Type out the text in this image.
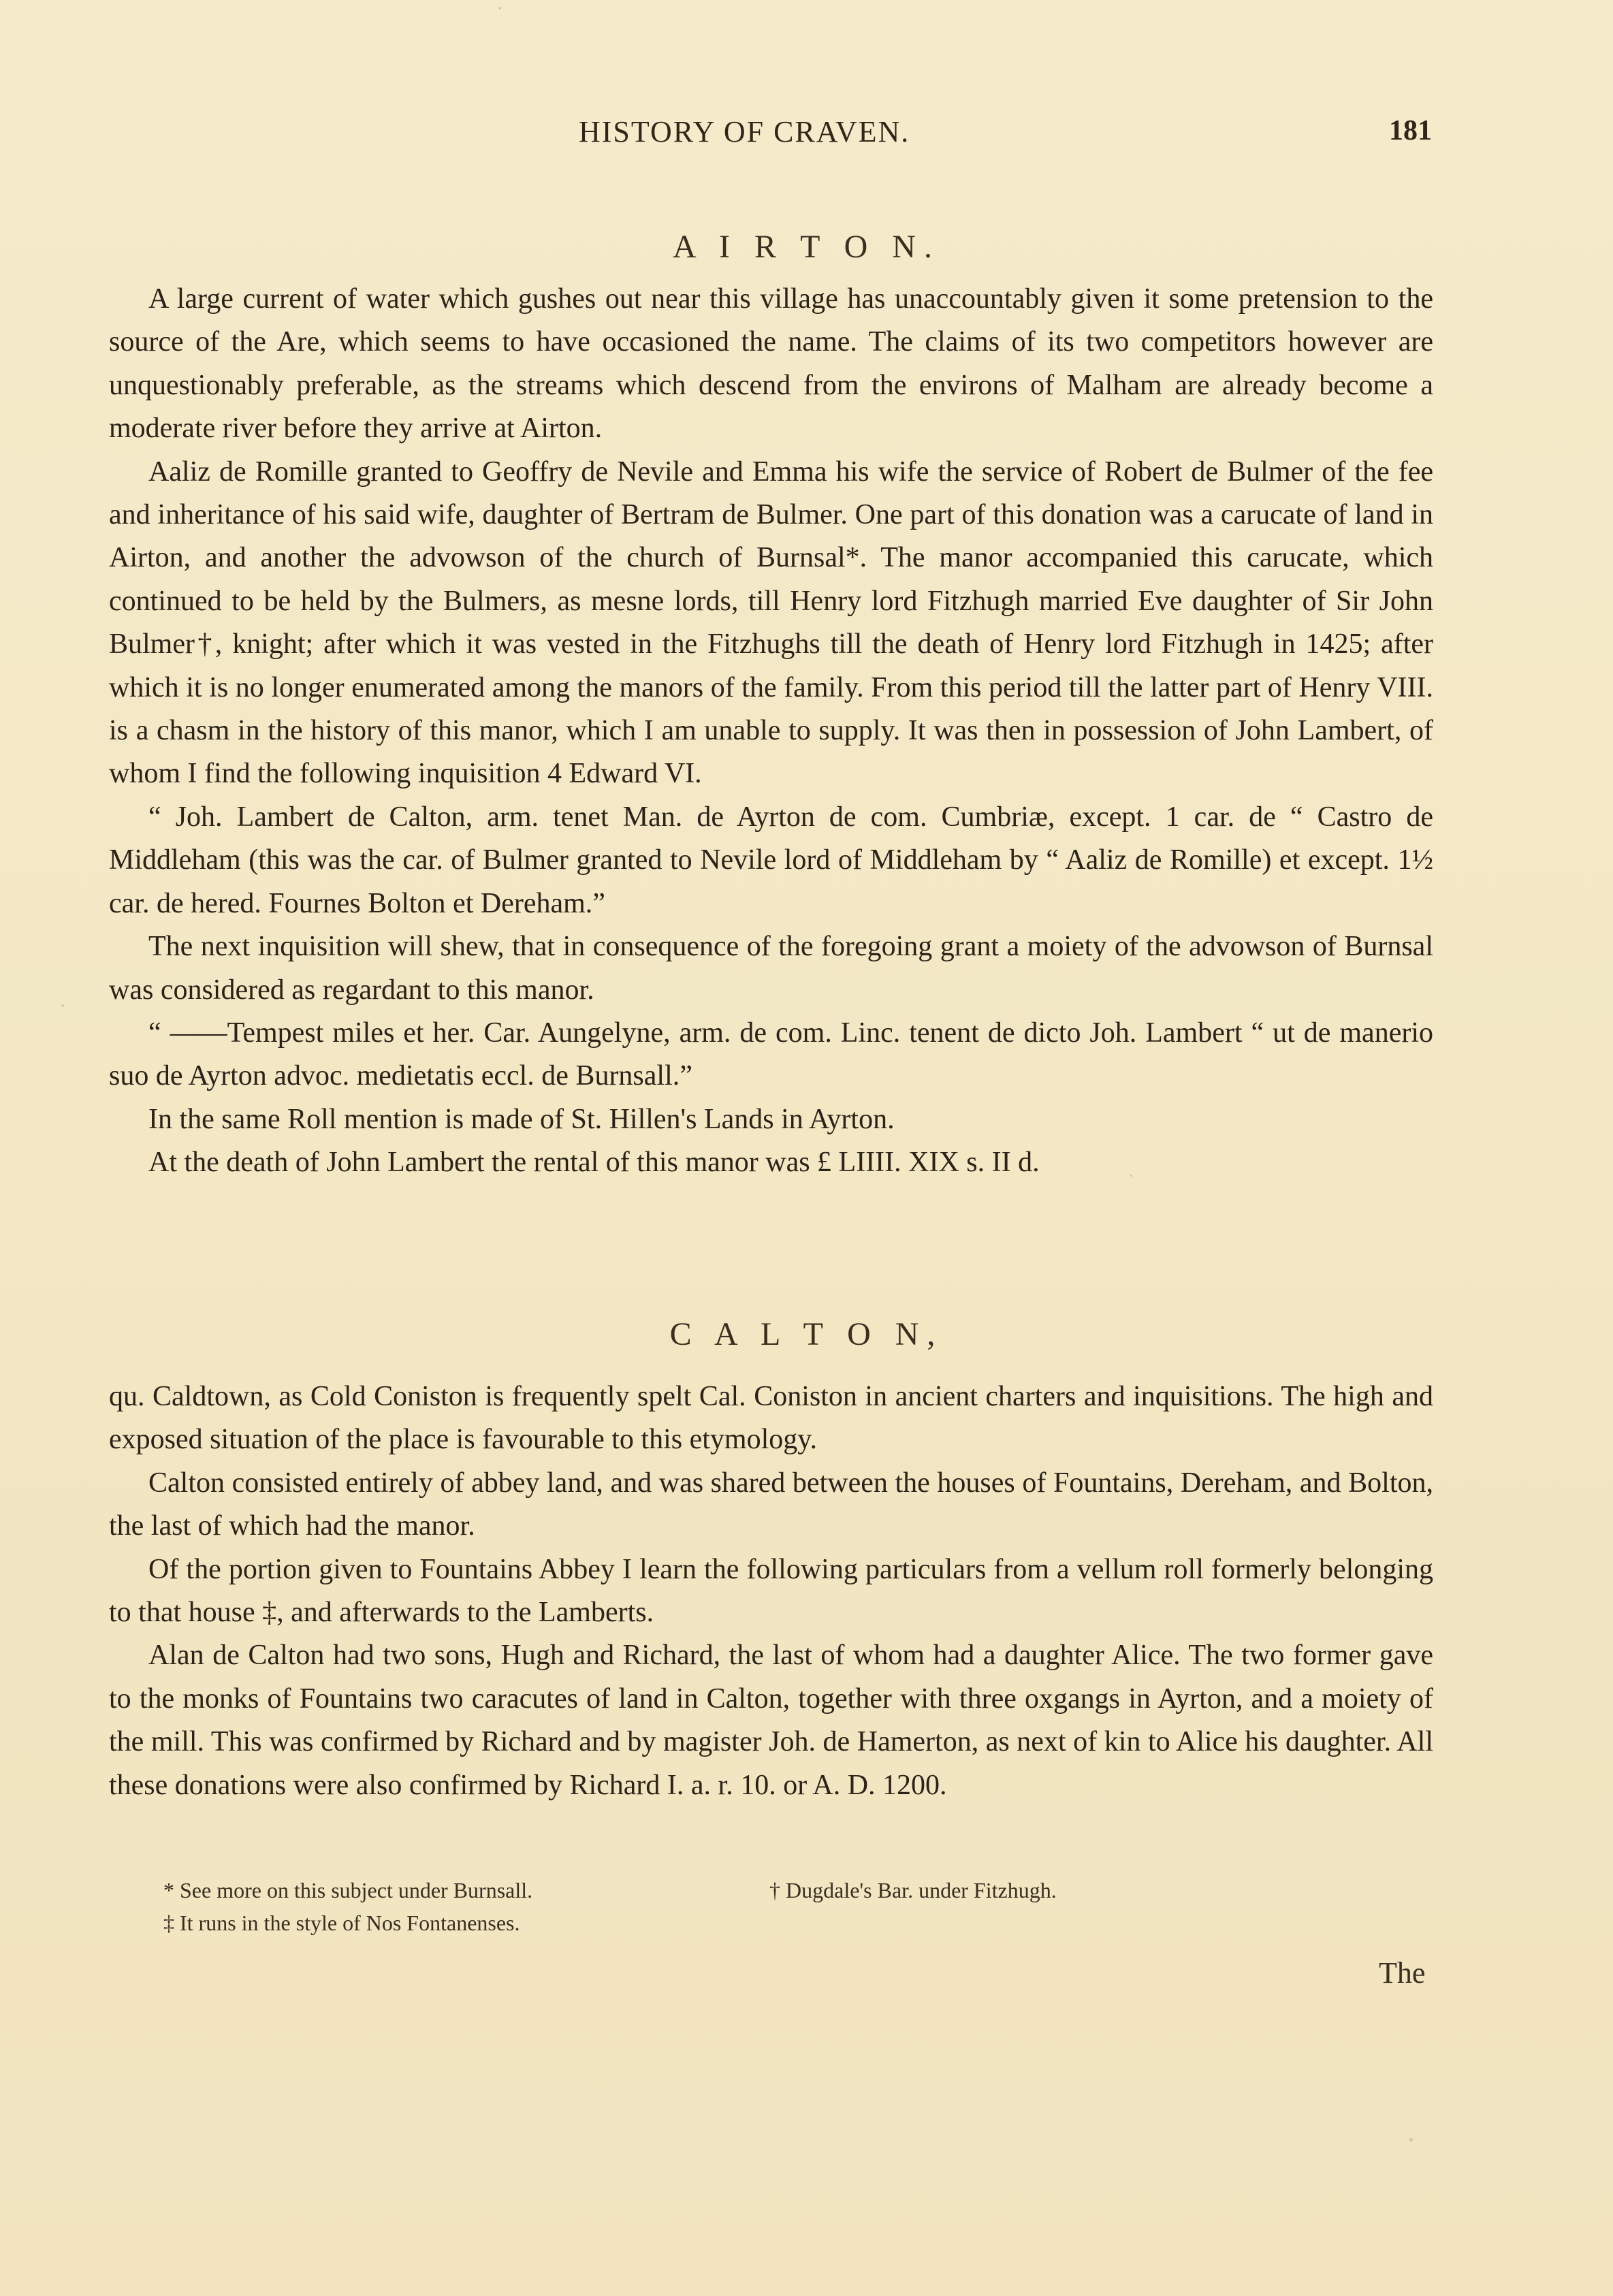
HISTORY OF CRAVEN.	181
A I R T O N.

A large current of water which gushes out near this village has unaccountably given it some pretension to the source of the Are, which seems to have occasioned the name. The claims of its two competitors however are unquestionably preferable, as the streams which descend from the environs of Malham are already become a moderate river before they arrive at Airton.

Aaliz de Romille granted to Geoffry de Nevile and Emma his wife the service of Robert de Bulmer of the fee and inheritance of his said wife, daughter of Bertram de Bulmer. One part of this donation was a carucate of land in Airton, and another the advowson of the church of Burnsal*. The manor accompanied this carucate, which continued to be held by the Bulmers, as mesne lords, till Henry lord Fitzhugh married Eve daughter of Sir John Bulmer†, knight; after which it was vested in the Fitzhughs till the death of Henry lord Fitzhugh in 1425; after which it is no longer enumerated among the manors of the family. From this period till the latter part of Henry VIII. is a chasm in the history of this manor, which I am unable to supply. It was then in possession of John Lambert, of whom I find the following inquisition 4 Edward VI.

“ Joh. Lambert de Calton, arm. tenet Man. de Ayrton de com. Cumbriæ, except. 1 car. de “ Castro de Middleham (this was the car. of Bulmer granted to Nevile lord of Middleham by “ Aaliz de Romille) et except. 1½ car. de hered. Fournes Bolton et Dereham.”

The next inquisition will shew, that in consequence of the foregoing grant a moiety of the advowson of Burnsal was considered as regardant to this manor.

“ ——Tempest miles et her. Car. Aungelyne, arm. de com. Linc. tenent de dicto Joh. Lambert “ ut de manerio suo de Ayrton advoc. medietatis eccl. de Burnsall.”

In the same Roll mention is made of St. Hillen's Lands in Ayrton.

At the death of John Lambert the rental of this manor was £ LIIII. XIX s. II d.

C A L T O N,

qu. Caldtown, as Cold Coniston is frequently spelt Cal. Coniston in ancient charters and inquisitions. The high and exposed situation of the place is favourable to this etymology.

Calton consisted entirely of abbey land, and was shared between the houses of Fountains, Dereham, and Bolton, the last of which had the manor.

Of the portion given to Fountains Abbey I learn the following particulars from a vellum roll formerly belonging to that house ‡, and afterwards to the Lamberts.

Alan de Calton had two sons, Hugh and Richard, the last of whom had a daughter Alice. The two former gave to the monks of Fountains two caracutes of land in Calton, together with three oxgangs in Ayrton, and a moiety of the mill. This was confirmed by Richard and by magister Joh. de Hamerton, as next of kin to Alice his daughter. All these donations were also confirmed by Richard I. a. r. 10. or A. D. 1200.

* See more on this subject under Burnsall.	† Dugdale's Bar. under Fitzhugh.
‡ It runs in the style of Nos Fontanenses.
The
